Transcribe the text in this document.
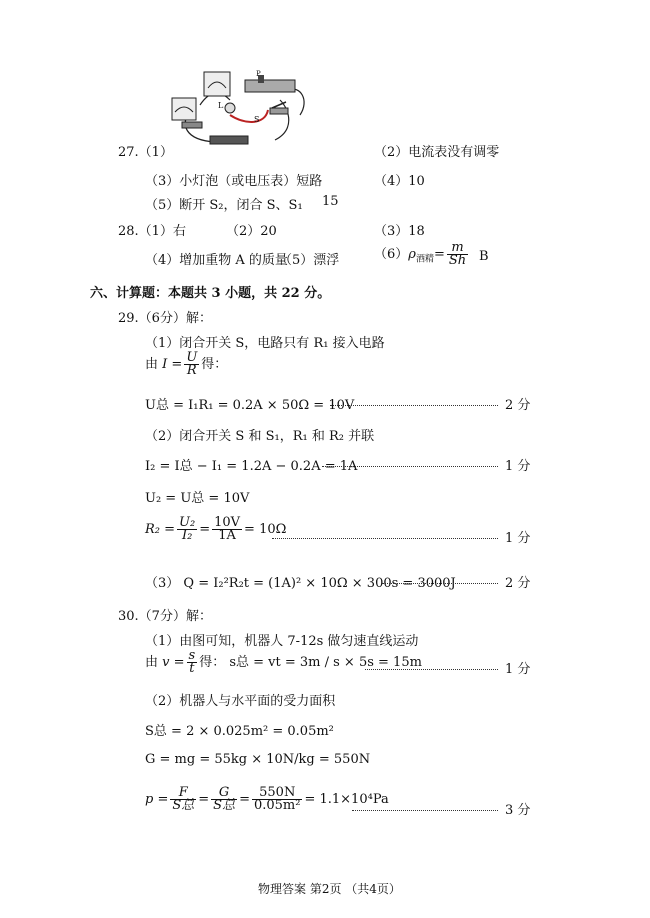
P
L
S
27.（1）	（2）电流表没有调零
（3）小灯泡（或电压表）短路	（4）10
（5）断开 S₂，闭合 S、S₁ 15
28.（1）右	（2）20	（3）18
（4）增加重物 A 的质量
（5）漂浮	$(6)\rho_{酒精}= \frac{m}{Sh}$ B
六、计算题：本题共 3 小题，共 22 分。
29.（6分）解：
（1）闭合开关 S，电路只有 R₁ 接入电路
由 $I = \frac{U}{R}$ 得：
U总 = I₁R₁ = 0.2A × 50Ω = 10V	2 分
（2）闭合开关 S 和 S₁，R₁ 和 R₂ 并联
I₂ = I总 − I₁ = 1.2A − 0.2A = 1A	1 分
U₂ = U总 = 10V
$R_2 = \frac{\text{U₂}}{\text{I₂}} = \frac{10V}{1A} = 10\Omega$
1 分
（3） Q = I₂²R₂t = (1A)² × 10Ω × 300s = 3000J	2 分
30.（7分）解：
（1）由图可知，机器人 7-12s 做匀速直线运动
由 $v = \frac{s}{t}$ 得： s总 = vt = 3m / s × 5s = 15m	1 分
（2）机器人与水平面的受力面积
S总 = 2 × 0.025m² = 0.05m²
G = mg = 55kg × 10N/kg = 550N
$p = \frac{F}{\text{S总}} = \frac{G}{\text{S总}} = \frac{550N}{\text{0.05m²}} = 1.1\times 10^4Pa$
3 分
物理答案 第2页 （共4页）
